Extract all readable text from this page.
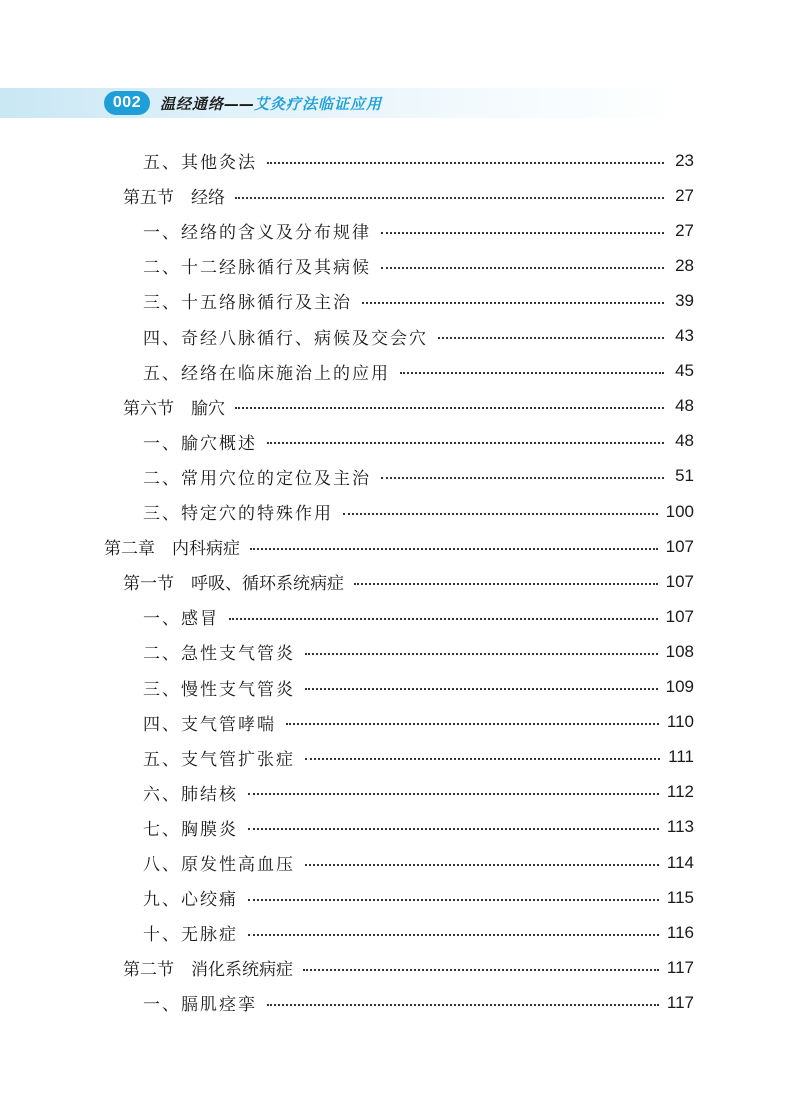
002	温经通络——艾灸疗法临证应用
五、其他灸法	23
第五节　经络	27
一、经络的含义及分布规律	27
二、十二经脉循行及其病候	28
三、十五络脉循行及主治	39
四、奇经八脉循行、病候及交会穴	43
五、经络在临床施治上的应用	45
第六节　腧穴	48
一、腧穴概述	48
二、常用穴位的定位及主治	51
三、特定穴的特殊作用	100
第二章　内科病症	107
第一节　呼吸、循环系统病症	107
一、感冒	107
二、急性支气管炎	108
三、慢性支气管炎	109
四、支气管哮喘	110
五、支气管扩张症	111
六、肺结核	112
七、胸膜炎	113
八、原发性高血压	114
九、心绞痛	115
十、无脉症	116
第二节　消化系统病症	117
一、膈肌痉挛	117
